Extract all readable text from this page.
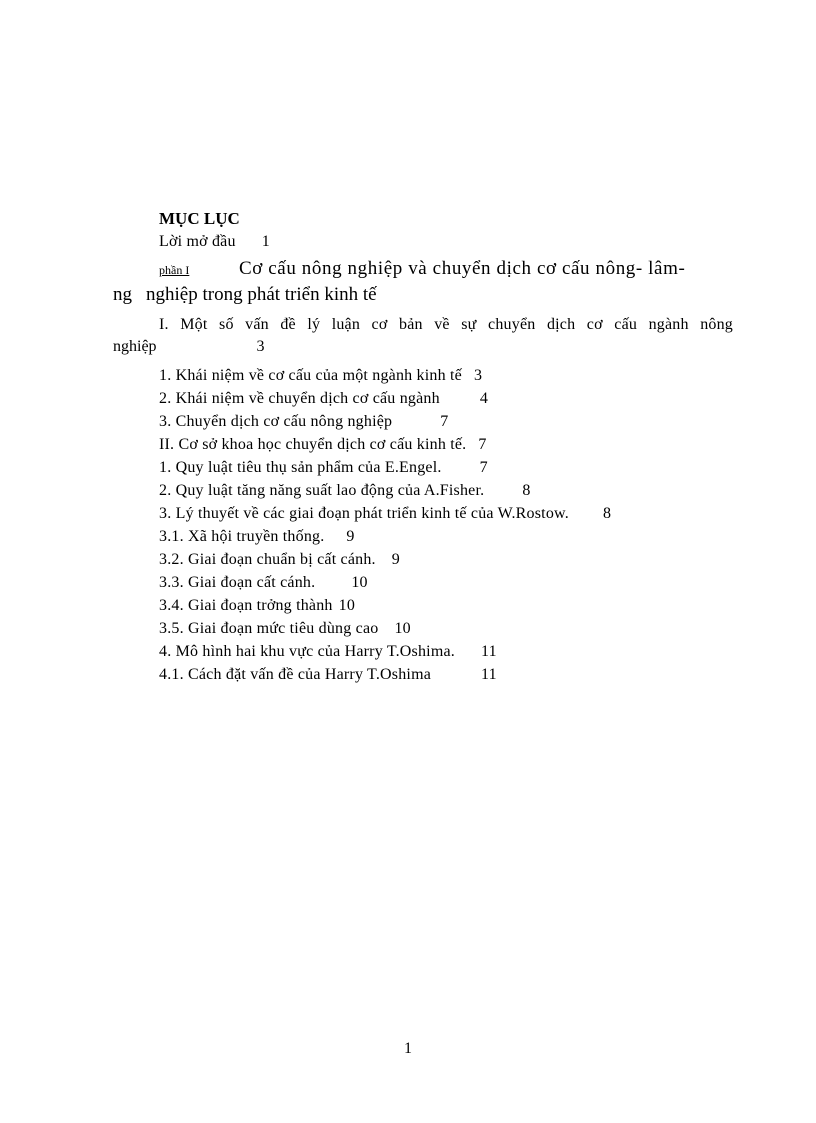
MỤC LỤC
Lời mở đầu 1
phần I	Cơ cấu nông nghiệp và chuyển dịch cơ cấu nông- lâm-
ng nghiệp trong phát triển kinh tế
I. Một số vấn đề lý luận cơ bản về sự chuyển dịch cơ cấu ngành nông
nghiệp	3
1. Khái niệm về cơ cấu của một ngành kinh tế 3
2. Khái niệm về chuyển dịch cơ cấu ngành	4
3. Chuyển dịch cơ cấu nông nghiệp	7
II. Cơ sở khoa học chuyển dịch cơ cấu kinh tế. 7
1. Quy luật tiêu thụ sản phẩm của E.Engel. 7
2. Quy luật tăng năng suất lao động của A.Fisher. 8
3. Lý thuyết về các giai đoạn phát triển kinh tế của W.Rostow. 8
3.1. Xã hội truyền thống. 9
3.2. Giai đoạn chuẩn bị cất cánh. 9
3.3. Giai đoạn cất cánh. 10
3.4. Giai đoạn trởng thành 10
3.5. Giai đoạn mức tiêu dùng cao 10
4. Mô hình hai khu vực của Harry T.Oshima. 11
4.1. Cách đặt vấn đề của Harry T.Oshima	11
1
